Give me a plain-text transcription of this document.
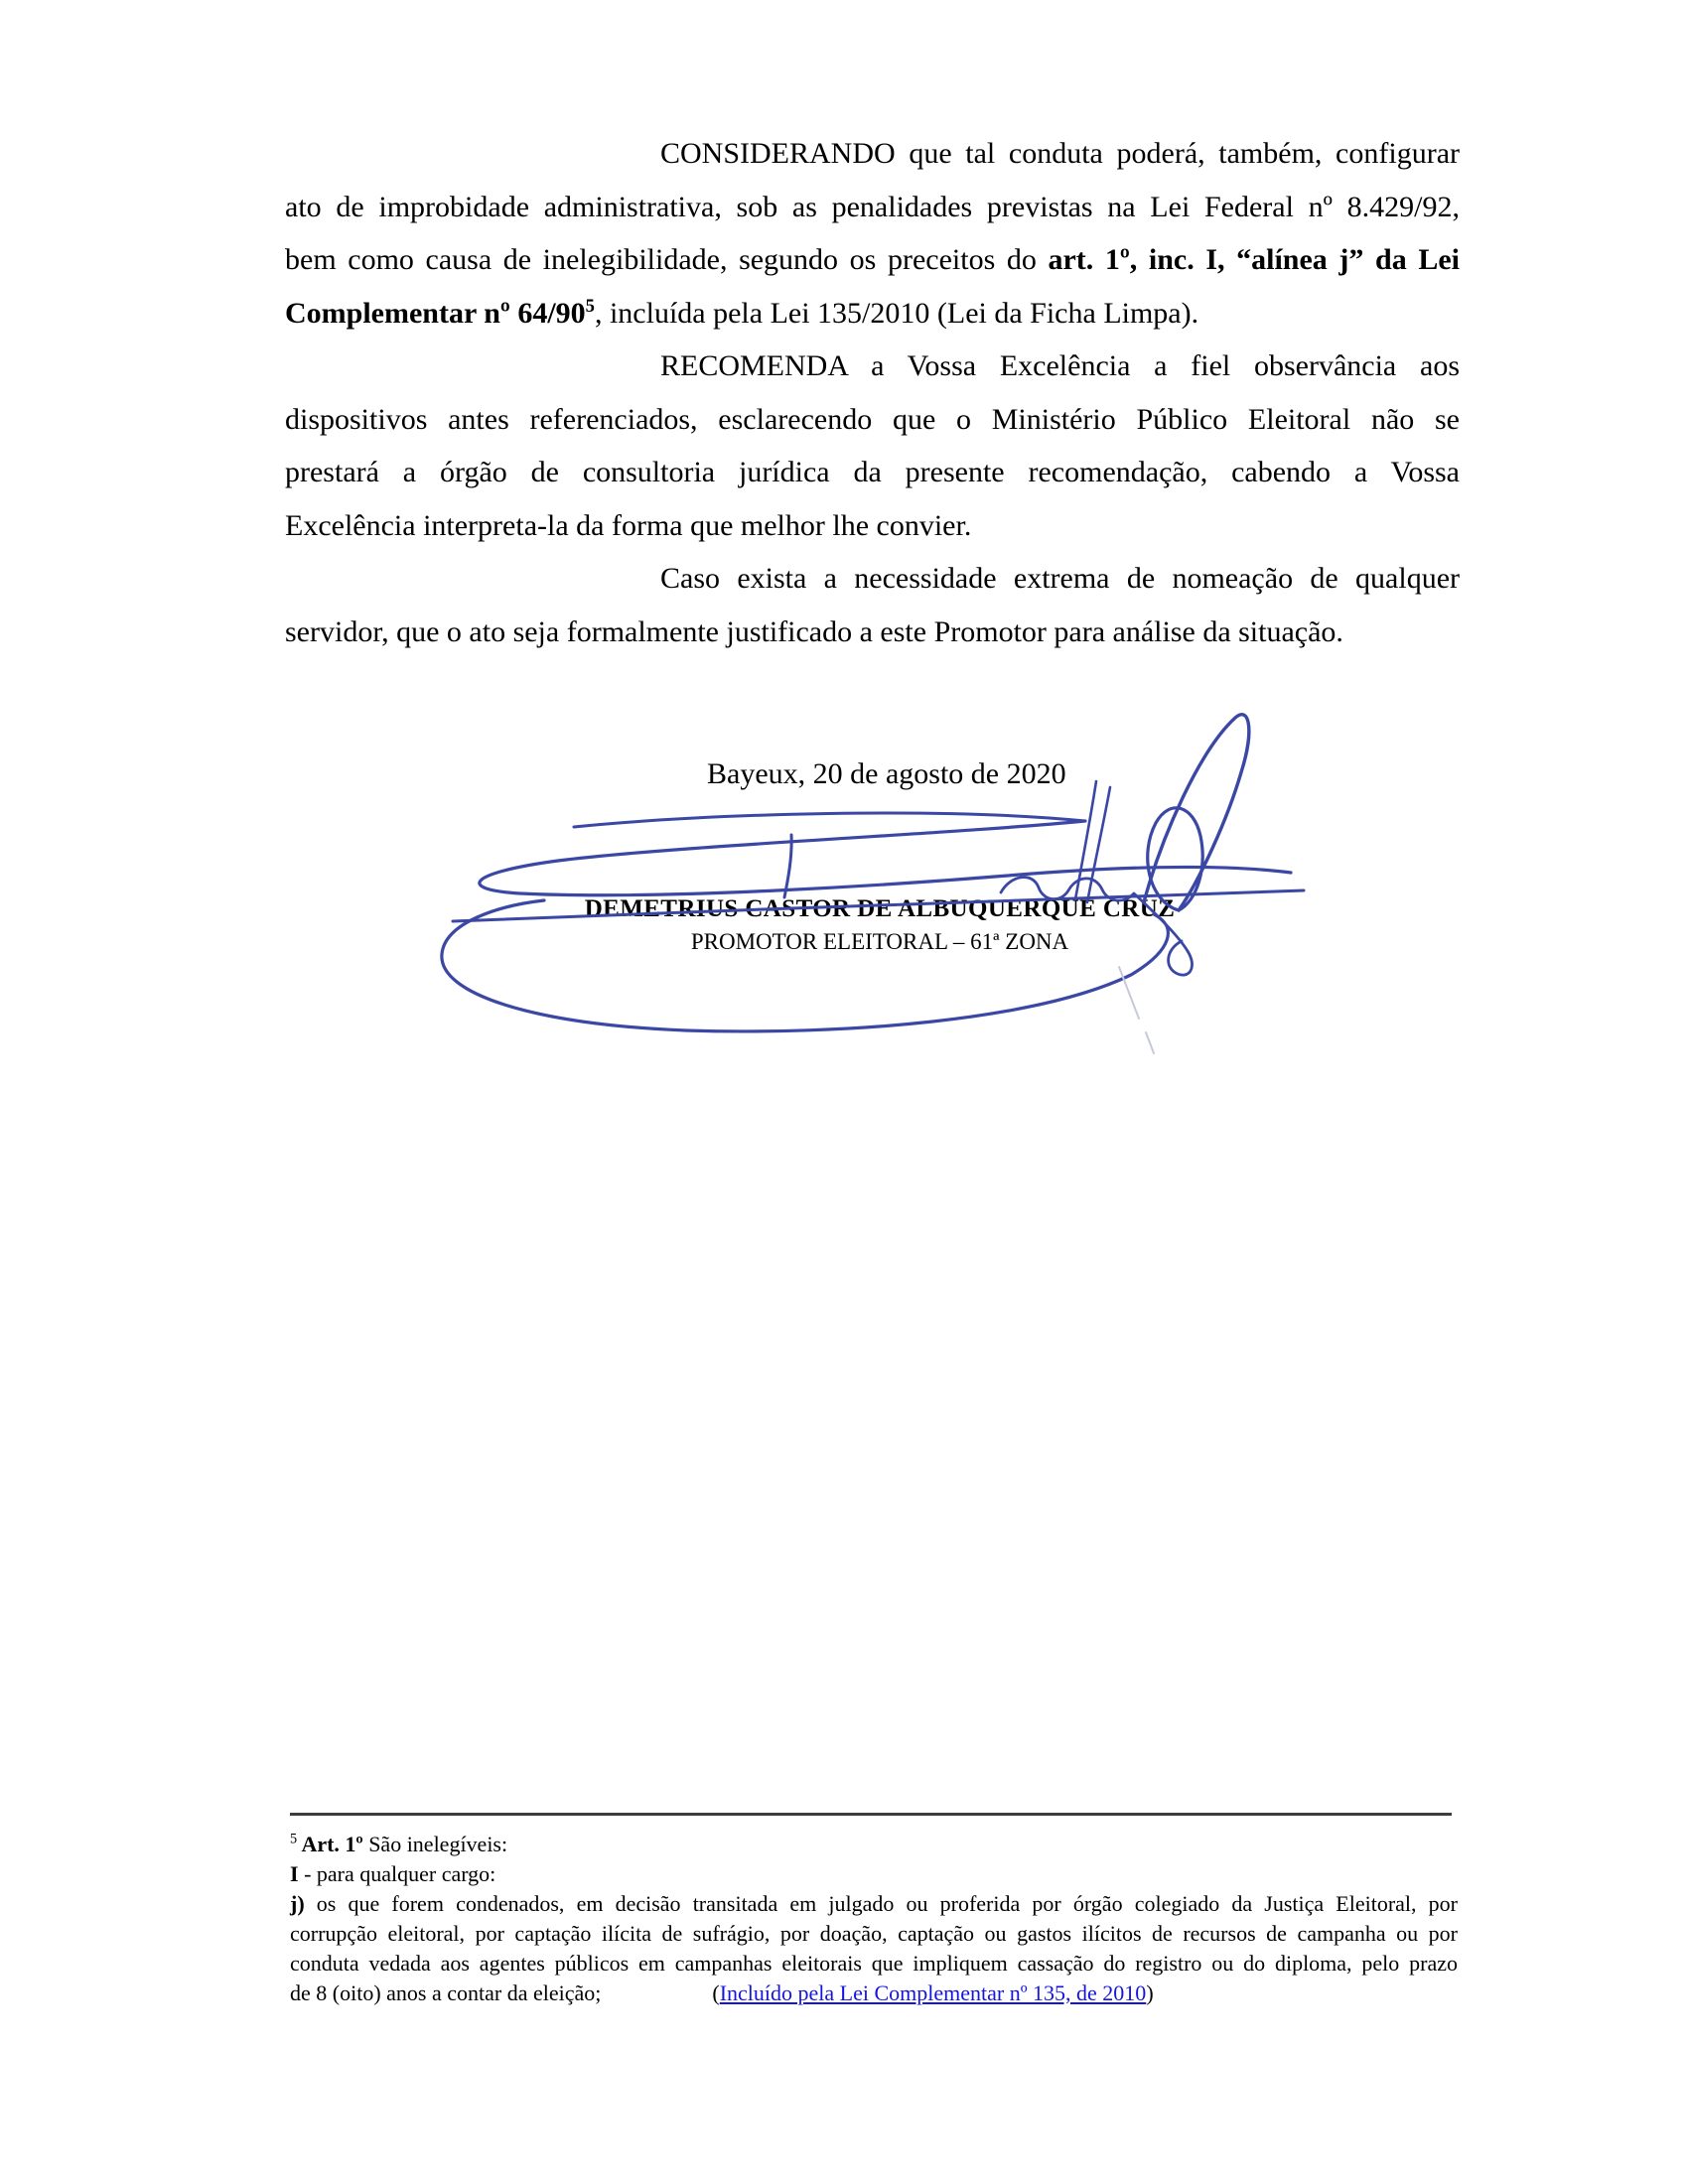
CONSIDERANDO que tal conduta poderá, também, configurar
ato de improbidade administrativa, sob as penalidades previstas na Lei Federal nº 8.429/92,
bem como causa de inelegibilidade, segundo os preceitos do art. 1º, inc. I, “alínea j” da Lei
Complementar nº $64/90^5$, incluída pela Lei 135/2010 (Lei da Ficha Limpa).
RECOMENDA a Vossa Excelência a fiel observância aos
dispositivos antes referenciados, esclarecendo que o Ministério Público Eleitoral não se
prestará a órgão de consultoria jurídica da presente recomendação, cabendo a Vossa
Excelência interpreta-la da forma que melhor lhe convier.
Caso exista a necessidade extrema de nomeação de qualquer
servidor, que o ato seja formalmente justificado a este Promotor para análise da situação.
Bayeux, 20 de agosto de 2020
DEMETRIUS CASTOR DE ALBUQUERQUE CRUZ
PROMOTOR ELEITORAL – 61ª ZONA
$^5$ Art. 1º São inelegíveis:
I - para qualquer cargo:
j) os que forem condenados, em decisão transitada em julgado ou proferida por órgão colegiado da Justiça Eleitoral, por
corrupção eleitoral, por captação ilícita de sufrágio, por doação, captação ou gastos ilícitos de recursos de campanha ou por
conduta vedada aos agentes públicos em campanhas eleitorais que impliquem cassação do registro ou do diploma, pelo prazo
de 8 (oito) anos a contar da eleição;	(Incluído pela Lei Complementar nº 135, de 2010)
